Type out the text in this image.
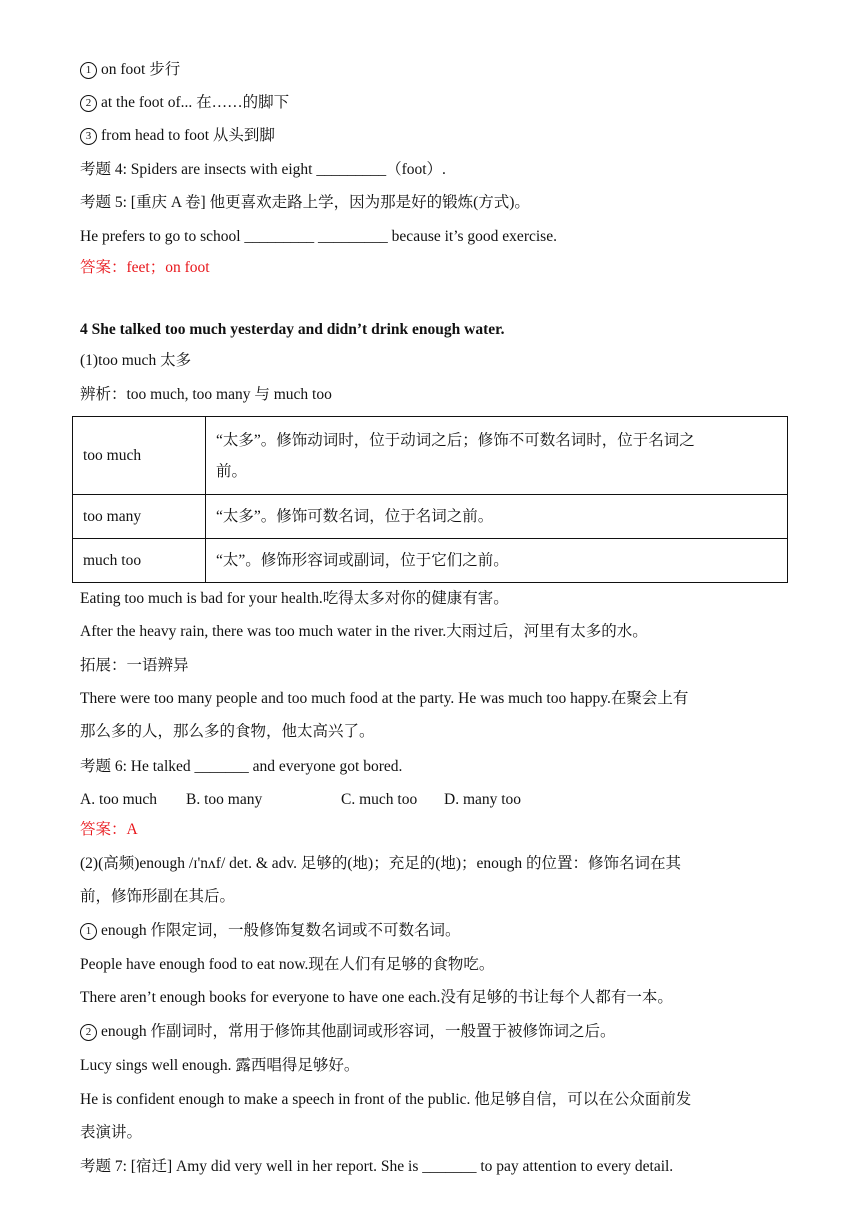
1 on foot 步行
2 at the foot of... 在……的脚下
3 from head to foot 从头到脚
考题 4: Spiders are insects with eight _________（foot）.
考题 5: [重庆 A 卷] 他更喜欢走路上学，因为那是好的锻炼(方式)。
He prefers to go to school _________ _________ because it’s good exercise.
答案：feet；on foot
4 She talked too much yesterday and didn’t drink enough water.
(1)too much 太多
辨析：too much, too many 与 much too
too much	“太多”。修饰动词时，位于动词之后；修饰不可数名词时，位于名词之
前。

too many	“太多”。修饰可数名词，位于名词之前。
much too	“太”。修饰形容词或副词，位于它们之前。
Eating too much is bad for your health.吃得太多对你的健康有害。
After the heavy rain, there was too much water in the river.大雨过后，河里有太多的水。
拓展：一语辨异
There were too many people and too much food at the party. He was much too happy.在聚会上有
那么多的人，那么多的食物，他太高兴了。
考题 6: He talked _______ and everyone got bored.
A. too much B. too many	C. much too D. many too
答案：A
(2)(高频)enough /ɪ'nʌf/ det. & adv. 足够的(地)；充足的(地)；enough 的位置：修饰名词在其
前，修饰形副在其后。
1 enough 作限定词，一般修饰复数名词或不可数名词。
People have enough food to eat now.现在人们有足够的食物吃。
There aren’t enough books for everyone to have one each.没有足够的书让每个人都有一本。
2 enough 作副词时，常用于修饰其他副词或形容词，一般置于被修饰词之后。
Lucy sings well enough. 露西唱得足够好。
He is confident enough to make a speech in front of the public. 他足够自信，可以在公众面前发
表演讲。
考题 7: [宿迁] Amy did very well in her report. She is _______ to pay attention to every detail.
